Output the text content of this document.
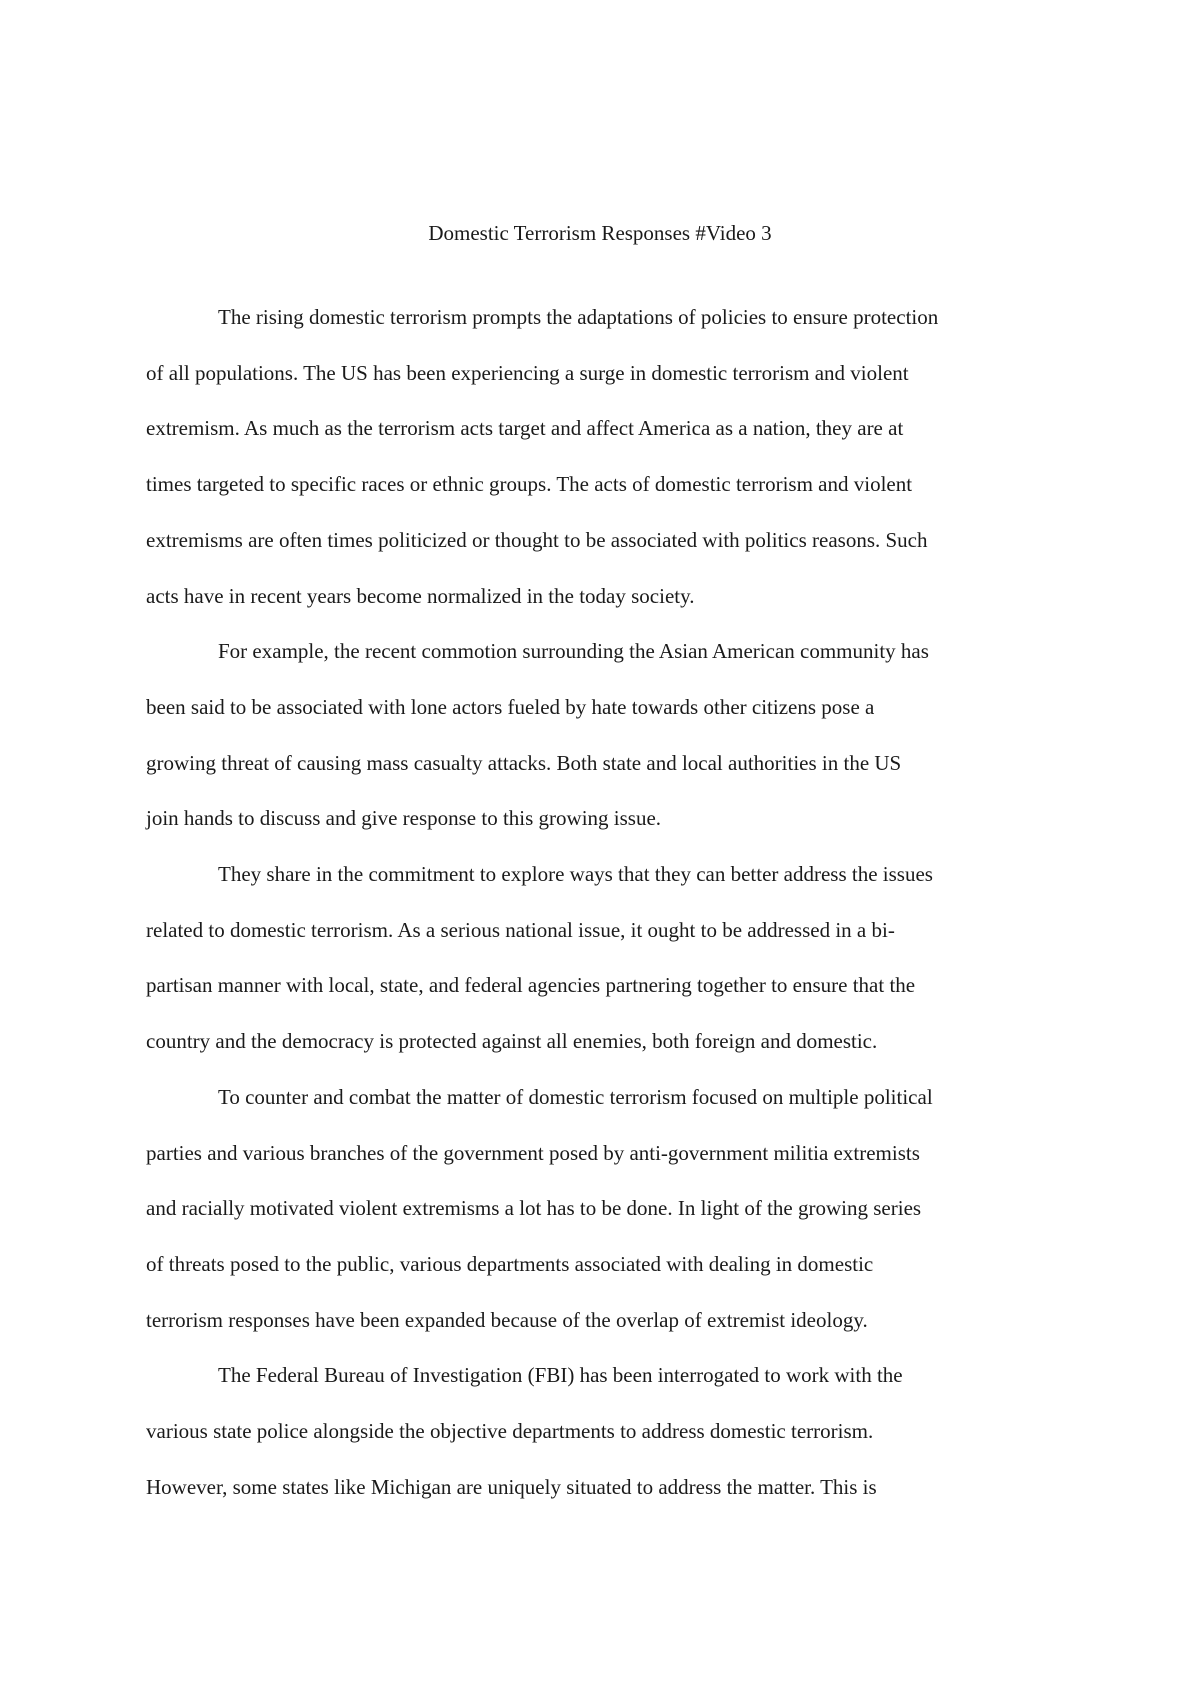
Domestic Terrorism Responses #Video 3

The rising domestic terrorism prompts the adaptations of policies to ensure protection
of all populations. The US has been experiencing a surge in domestic terrorism and violent
extremism. As much as the terrorism acts target and affect America as a nation, they are at
times targeted to specific races or ethnic groups. The acts of domestic terrorism and violent
extremisms are often times politicized or thought to be associated with politics reasons. Such
acts have in recent years become normalized in the today society.

For example, the recent commotion surrounding the Asian American community has
been said to be associated with lone actors fueled by hate towards other citizens pose a
growing threat of causing mass casualty attacks. Both state and local authorities in the US
join hands to discuss and give response to this growing issue.

They share in the commitment to explore ways that they can better address the issues
related to domestic terrorism. As a serious national issue, it ought to be addressed in a bi-
partisan manner with local, state, and federal agencies partnering together to ensure that the
country and the democracy is protected against all enemies, both foreign and domestic.

To counter and combat the matter of domestic terrorism focused on multiple political
parties and various branches of the government posed by anti-government militia extremists
and racially motivated violent extremisms a lot has to be done. In light of the growing series
of threats posed to the public, various departments associated with dealing in domestic
terrorism responses have been expanded because of the overlap of extremist ideology.

The Federal Bureau of Investigation (FBI) has been interrogated to work with the
various state police alongside the objective departments to address domestic terrorism.
However, some states like Michigan are uniquely situated to address the matter. This is
